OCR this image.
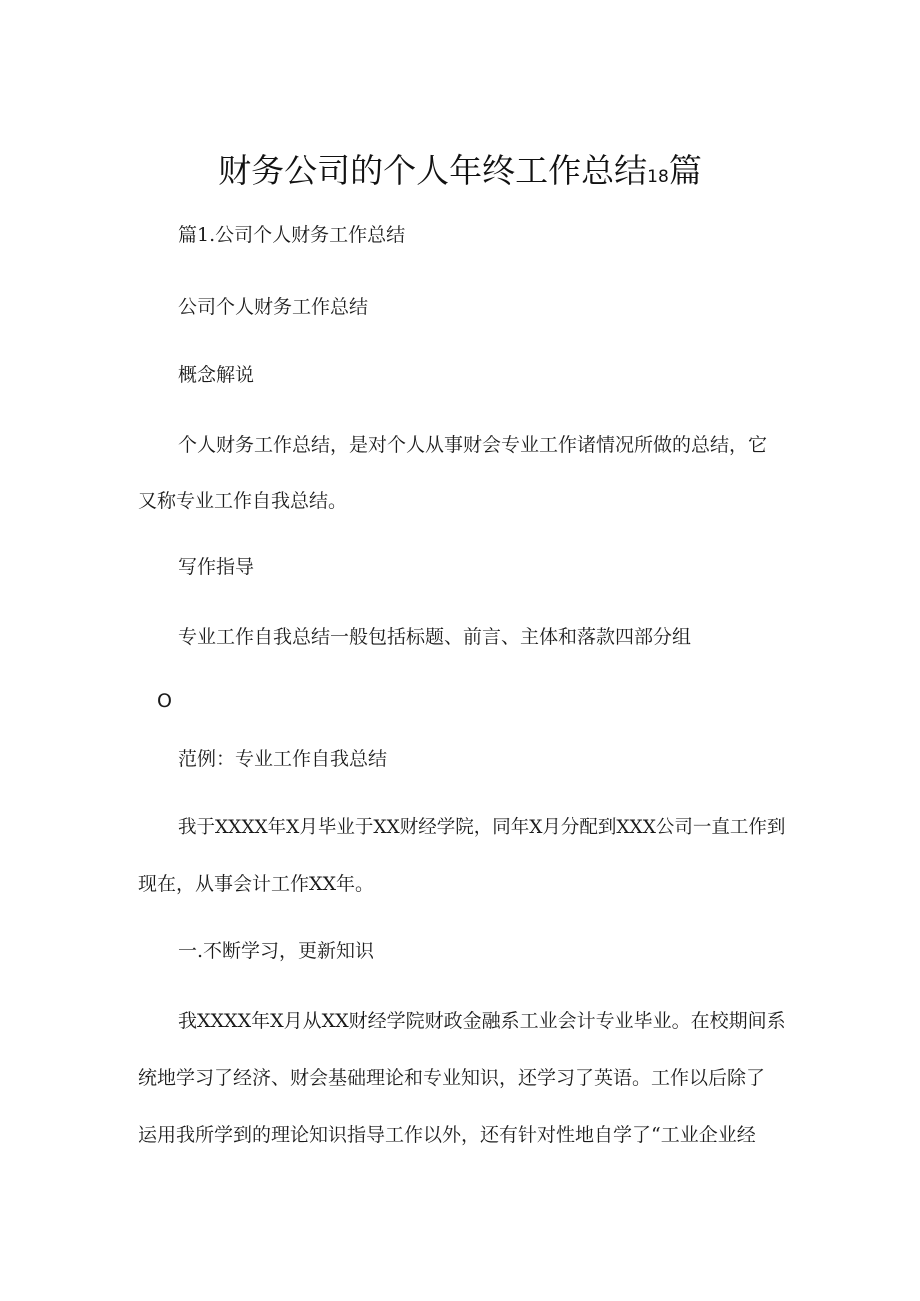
财务公司的个人年终工作总结18篇
篇1.公司个人财务工作总结
公司个人财务工作总结
概念解说
个人财务工作总结，是对个人从事财会专业工作诸情况所做的总结，它
又称专业工作自我总结。
写作指导
专业工作自我总结一般包括标题、前言、主体和落款四部分组
O
范例：专业工作自我总结
我于XXXX年X月毕业于XX财经学院，同年X月分配到XXX公司一直工作到
现在，从事会计工作XX年。
一.不断学习，更新知识
我XXXX年X月从XX财经学院财政金融系工业会计专业毕业。在校期间系
统地学习了经济、财会基础理论和专业知识，还学习了英语。工作以后除了
运用我所学到的理论知识指导工作以外，还有针对性地自学了“工业企业经
